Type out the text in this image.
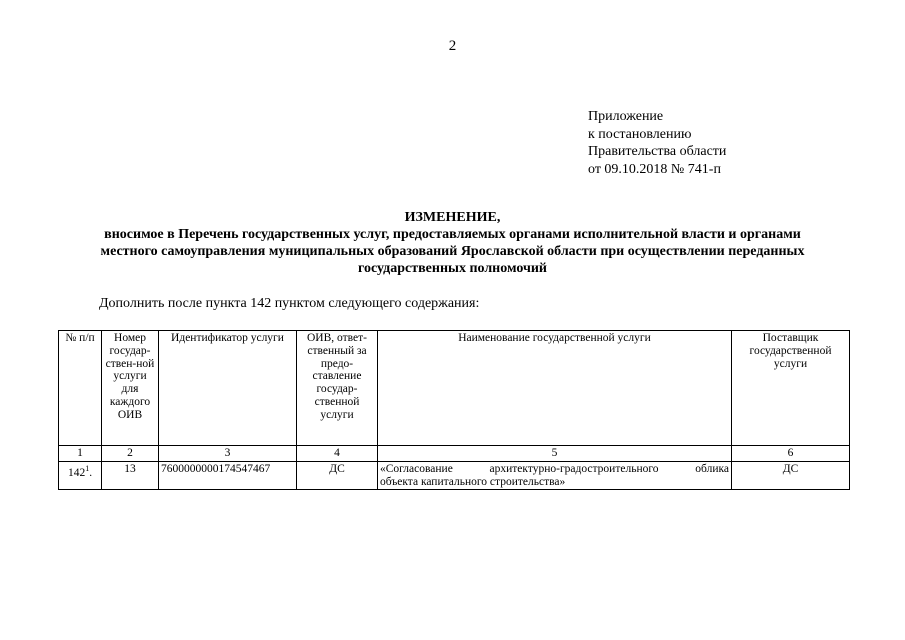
2
Приложение
к постановлению
Правительства области
от 09.10.2018 № 741-п
ИЗМЕНЕНИЕ,
вносимое в Перечень государственных услуг, предоставляемых органами исполнительной власти и органами
местного самоуправления муниципальных образований Ярославской области при осуществлении переданных
государственных полномочий
Дополнить после пункта 142 пунктом следующего содержания:
№ п/п	Номер государ-ствен-ной услуги для каждого ОИВ	Идентификатор услуги	ОИВ, ответ-ственный за предо-ставление государ-ственной услуги	Наименование государственной услуги	Поставщик государственной услуги
1	2	3	4	5	6
$142^1$.	13	7600000000174547467	ДС	«Согласование архитектурно-градостроительного облика
объекта капитального строительства»	ДС
